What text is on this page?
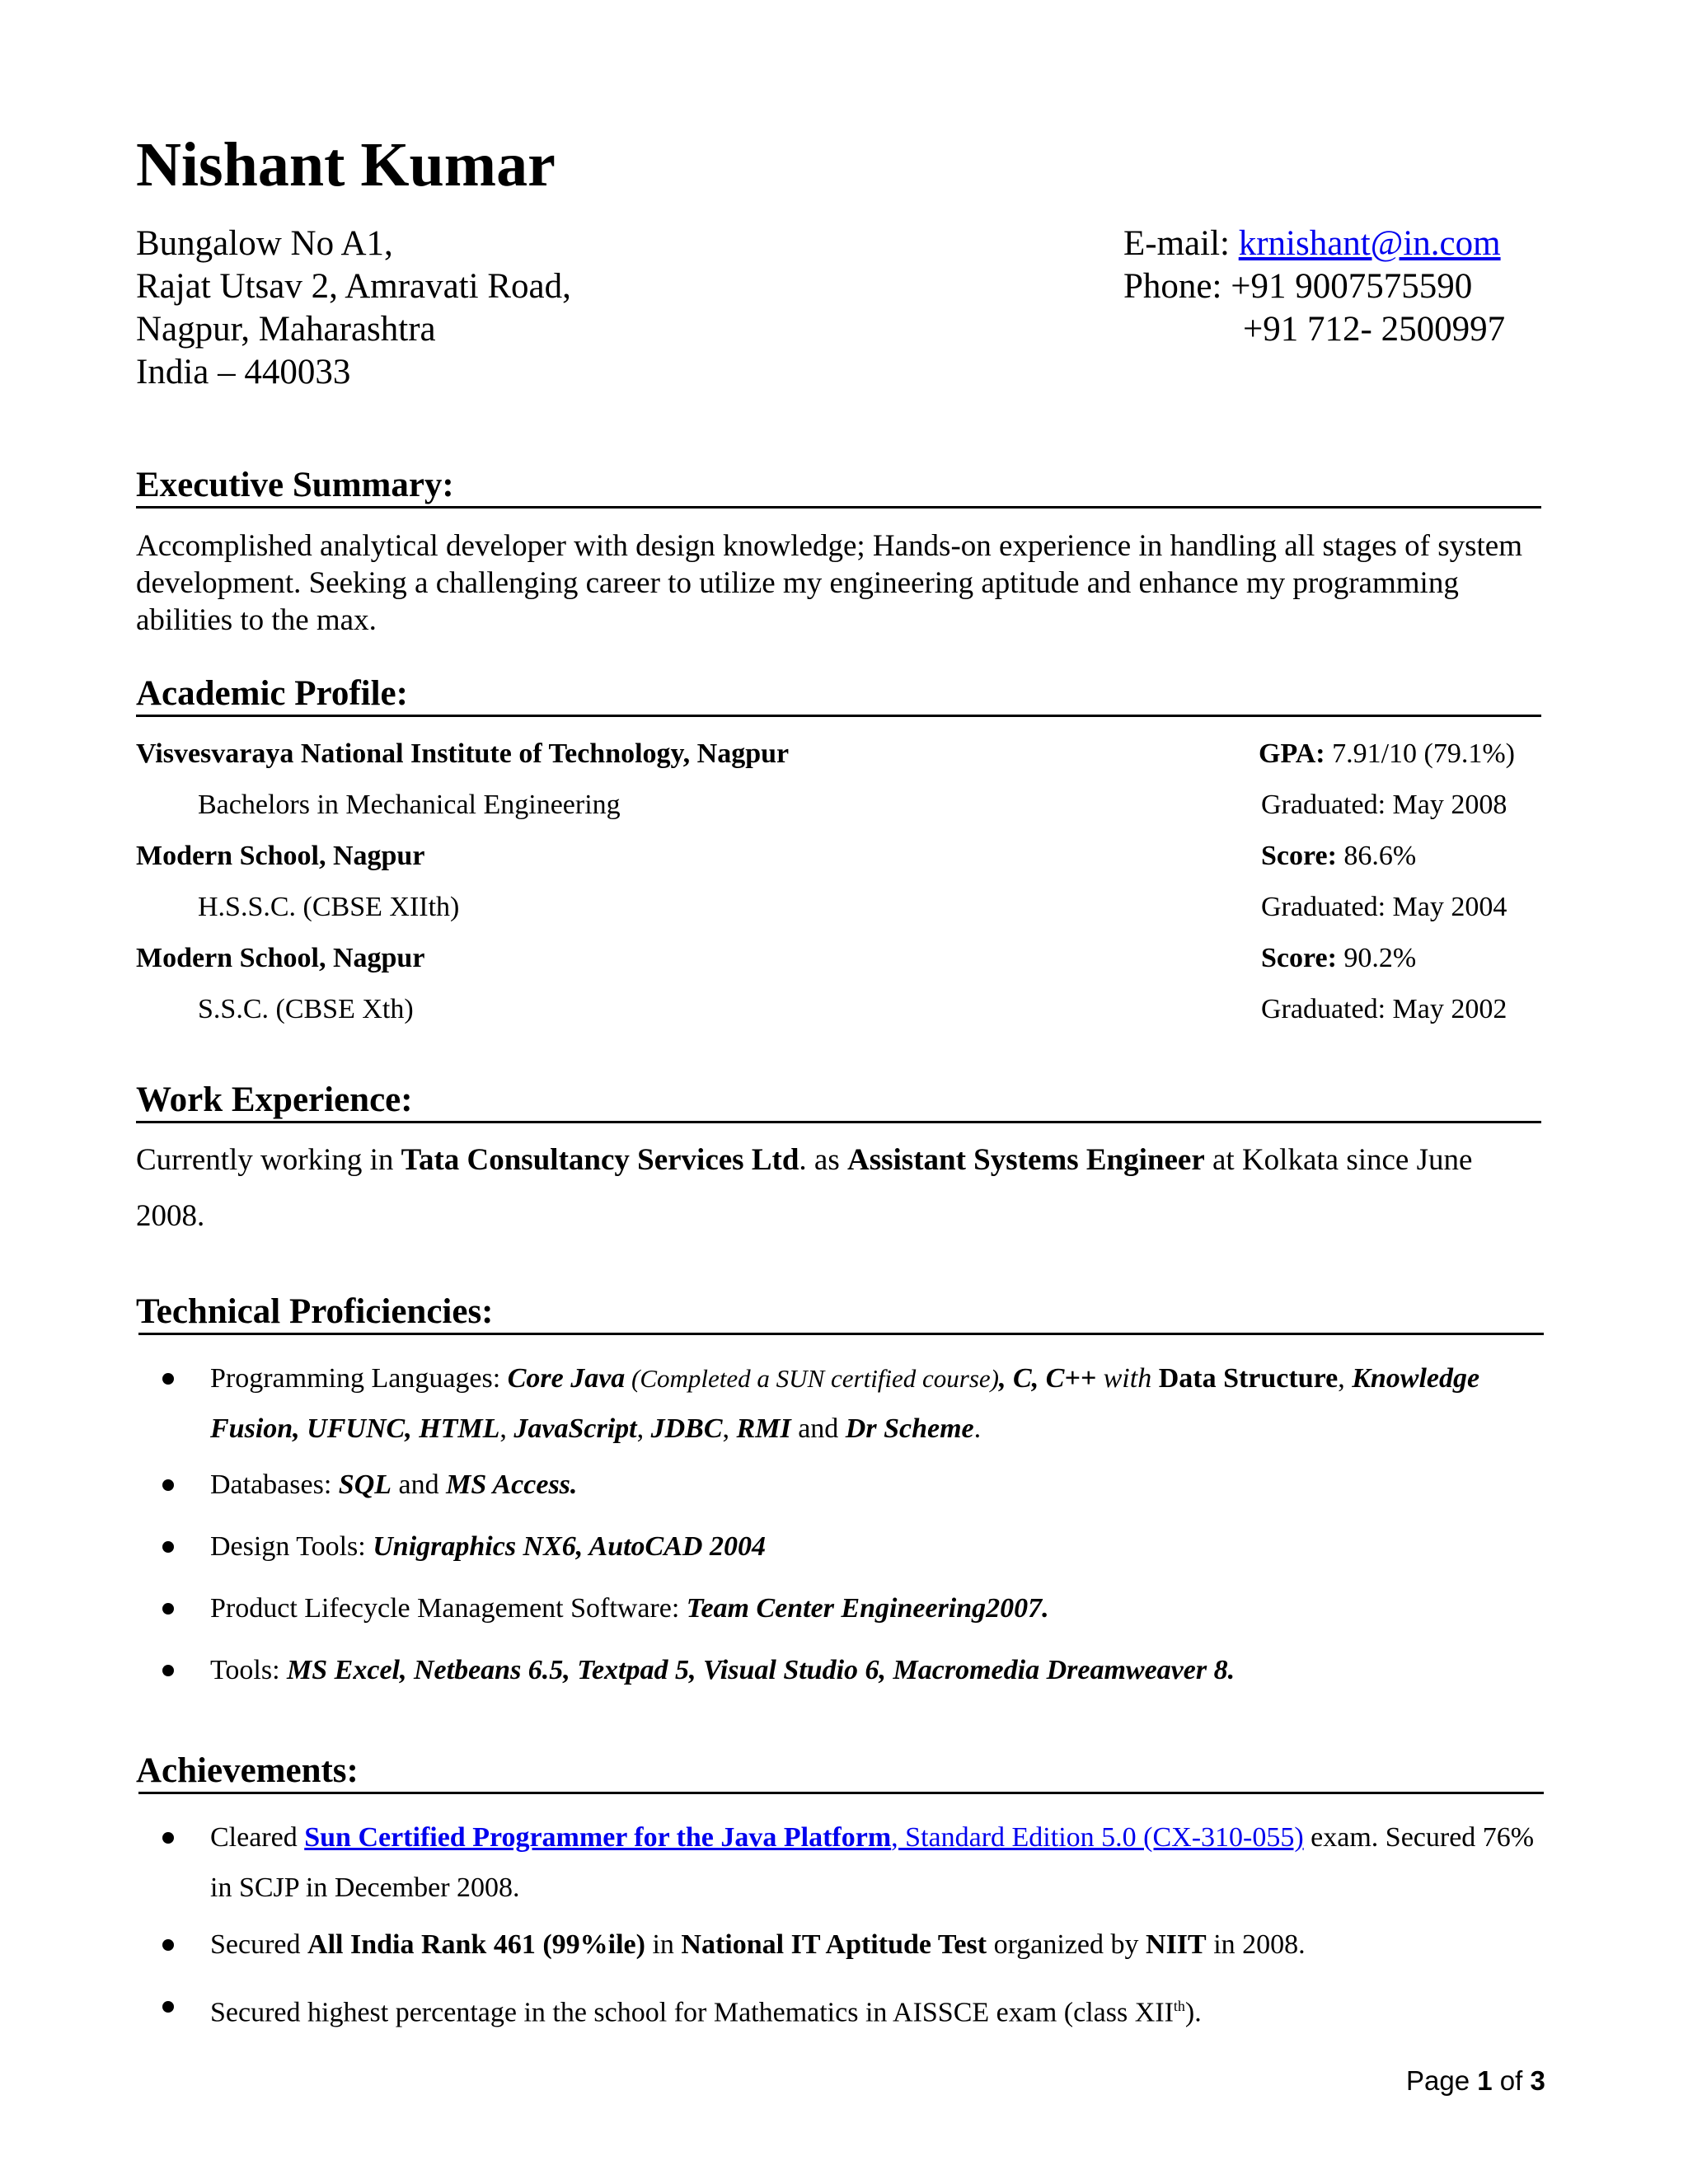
Nishant Kumar
Bungalow No A1,
Rajat Utsav 2, Amravati Road,
Nagpur, Maharashtra
India – 440033
E-mail: krnishant@in.com
Phone: +91 9007575590
+91 712- 2500997
Executive Summary:
Accomplished analytical developer with design knowledge; Hands-on experience in handling all stages of system development. Seeking a challenging career to utilize my engineering aptitude and enhance my programming abilities to the max.
Academic Profile:
Visvesvaraya National Institute of Technology, Nagpur	GPA: 7.91/10 (79.1%)
Bachelors in Mechanical Engineering	Graduated: May 2008
Modern School, Nagpur	Score: 86.6%
H.S.S.C. (CBSE XIIth)	Graduated: May 2004
Modern School, Nagpur	Score: 90.2%
S.S.C. (CBSE Xth)	Graduated: May 2002
Work Experience:
Currently working in Tata Consultancy Services Ltd. as Assistant Systems Engineer at Kolkata since June 2008.
Technical Proficiencies:
Programming Languages: Core Java (Completed a SUN certified course), C, C++ with Data Structure, Knowledge Fusion, UFUNC, HTML, JavaScript, JDBC, RMI and Dr Scheme.
Databases: SQL and MS Access.
Design Tools: Unigraphics NX6, AutoCAD 2004
Product Lifecycle Management Software: Team Center Engineering2007.
Tools: MS Excel, Netbeans 6.5, Textpad 5, Visual Studio 6, Macromedia Dreamweaver 8.
Achievements:
Cleared Sun Certified Programmer for the Java Platform, Standard Edition 5.0 (CX-310-055) exam. Secured 76% in SCJP in December 2008.
Secured All India Rank 461 (99%ile) in National IT Aptitude Test organized by NIIT in 2008.
Secured highest percentage in the school for Mathematics in AISSCE exam (class XIIth).
Page 1 of 3
